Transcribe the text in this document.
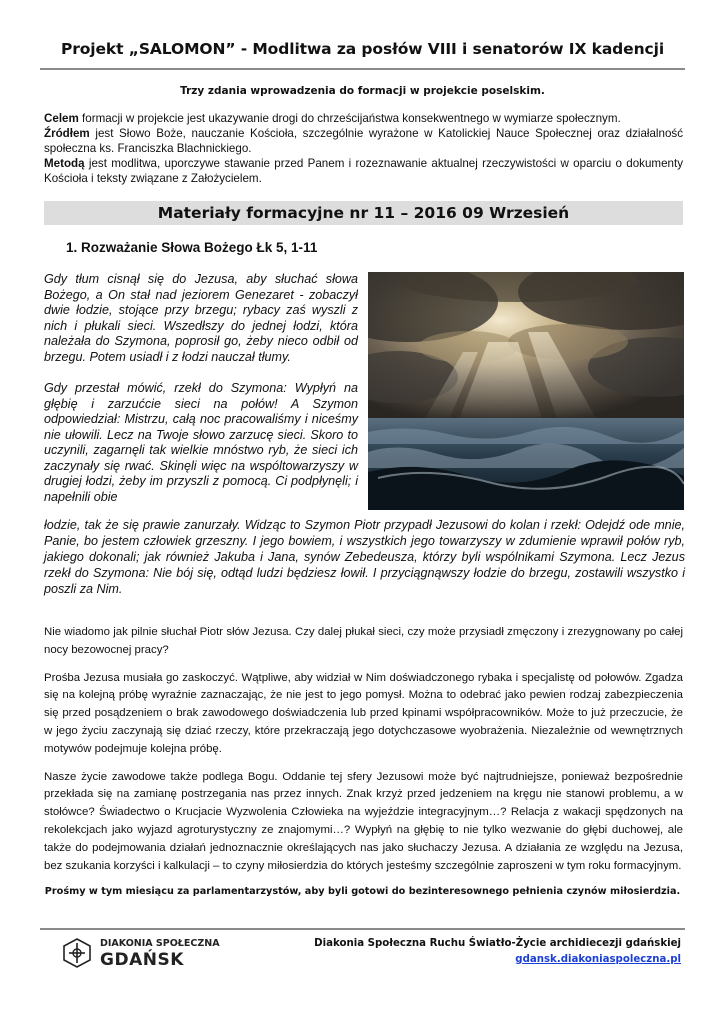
Projekt „SALOMON” - Modlitwa za posłów VIII i senatorów IX kadencji
Trzy zdania wprowadzenia do formacji w projekcie poselskim.

Celem formacji w projekcie jest ukazywanie drogi do chrześcijaństwa konsekwentnego w wymiarze społecznym.

Źródłem jest Słowo Boże, nauczanie Kościoła, szczególnie wyrażone w Katolickiej Nauce Społecznej oraz działalność społeczna ks. Franciszka Blachnickiego.

Metodą jest modlitwa, uporczywe stawanie przed Panem i rozeznawanie aktualnej rzeczywistości w oparciu o dokumenty Kościoła i teksty związane z Założycielem.

Materiały formacyjne nr 11 – 2016 09 Wrzesień
1. Rozważanie Słowa Bożego Łk 5, 1-11

Gdy tłum cisnął się do Jezusa, aby słuchać słowa Bożego, a On stał nad jeziorem Genezaret - zobaczył dwie łodzie, stojące przy brzegu; rybacy zaś wyszli z nich i płukali sieci. Wszedłszy do jednej łodzi, która należała do Szymona, poprosił go, żeby nieco odbił od brzegu. Potem usiadł i z łodzi nauczał tłumy.

Gdy przestał mówić, rzekł do Szymona: Wypłyń na głębię i zarzućcie sieci na połów! A Szymon odpowiedział: Mistrzu, całą noc pracowaliśmy i niceśmy nie ułowili. Lecz na Twoje słowo zarzucę sieci. Skoro to uczynili, zagarnęli tak wielkie mnóstwo ryb, że sieci ich zaczynały się rwać. Skinęli więc na wspóltowarzyszy w drugiej łodzi, żeby im przyszli z pomocą. Ci podpłynęli; i napełnili obie

łodzie, tak że się prawie zanurzały. Widząc to Szymon Piotr przypadł Jezusowi do kolan i rzekł: Odejdź ode mnie, Panie, bo jestem człowiek grzeszny. I jego bowiem, i wszystkich jego towarzyszy w zdumienie wprawił połów ryb, jakiego dokonali; jak również Jakuba i Jana, synów Zebedeusza, którzy byli wspólnikami Szymona. Lecz Jezus rzekł do Szymona: Nie bój się, odtąd ludzi będziesz łowił. I przyciągnąwszy łodzie do brzegu, zostawili wszystko i poszli za Nim.

Nie wiadomo jak pilnie słuchał Piotr słów Jezusa. Czy dalej płukał sieci, czy może przysiadł zmęczony i zrezygnowany po całej nocy bezowocnej pracy?

Prośba Jezusa musiała go zaskoczyć. Wątpliwe, aby widział w Nim doświadczonego rybaka i specjalistę od połowów. Zgadza się na kolejną próbę wyraźnie zaznaczając, że nie jest to jego pomysł. Można to odebrać jako pewien rodzaj zabezpieczenia się przed posądzeniem o brak zawodowego doświadczenia lub przed kpinami współpracowników. Może to już przeczucie, że w jego życiu zaczynają się dziać rzeczy, które przekraczają jego dotychczasowe wyobrażenia. Niezależnie od wewnętrznych motywów podejmuje kolejna próbę.

Nasze życie zawodowe także podlega Bogu. Oddanie tej sfery Jezusowi może być najtrudniejsze, ponieważ bezpośrednie przekłada się na zamianę postrzegania nas przez innych. Znak krzyż przed jedzeniem na kręgu nie stanowi problemu, a w stołówce? Świadectwo o Krucjacie Wyzwolenia Człowieka na wyjeździe integracyjnym…? Relacja z wakacji spędzonych na rekolekcjach jako wyjazd agroturystyczny ze znajomymi…? Wypłyń na głębię to nie tylko wezwanie do głębi duchowej, ale także do podejmowania działań jednoznacznie określających nas jako słuchaczy Jezusa. A działania ze względu na Jezusa, bez szukania korzyści i kalkulacji – to czyny miłosierdzia do których jesteśmy szczególnie zaproszeni w tym roku formacyjnym.

Prośmy w tym miesiącu za parlamentarzystów, aby byli gotowi do bezinteresownego pełnienia czynów miłosierdzia.
DIAKONIA SPOŁECZNA
GDAŃSK
Diakonia Społeczna Ruchu Światło-Życie archidiecezji gdańskiej
gdansk.diakoniaspoleczna.pl
